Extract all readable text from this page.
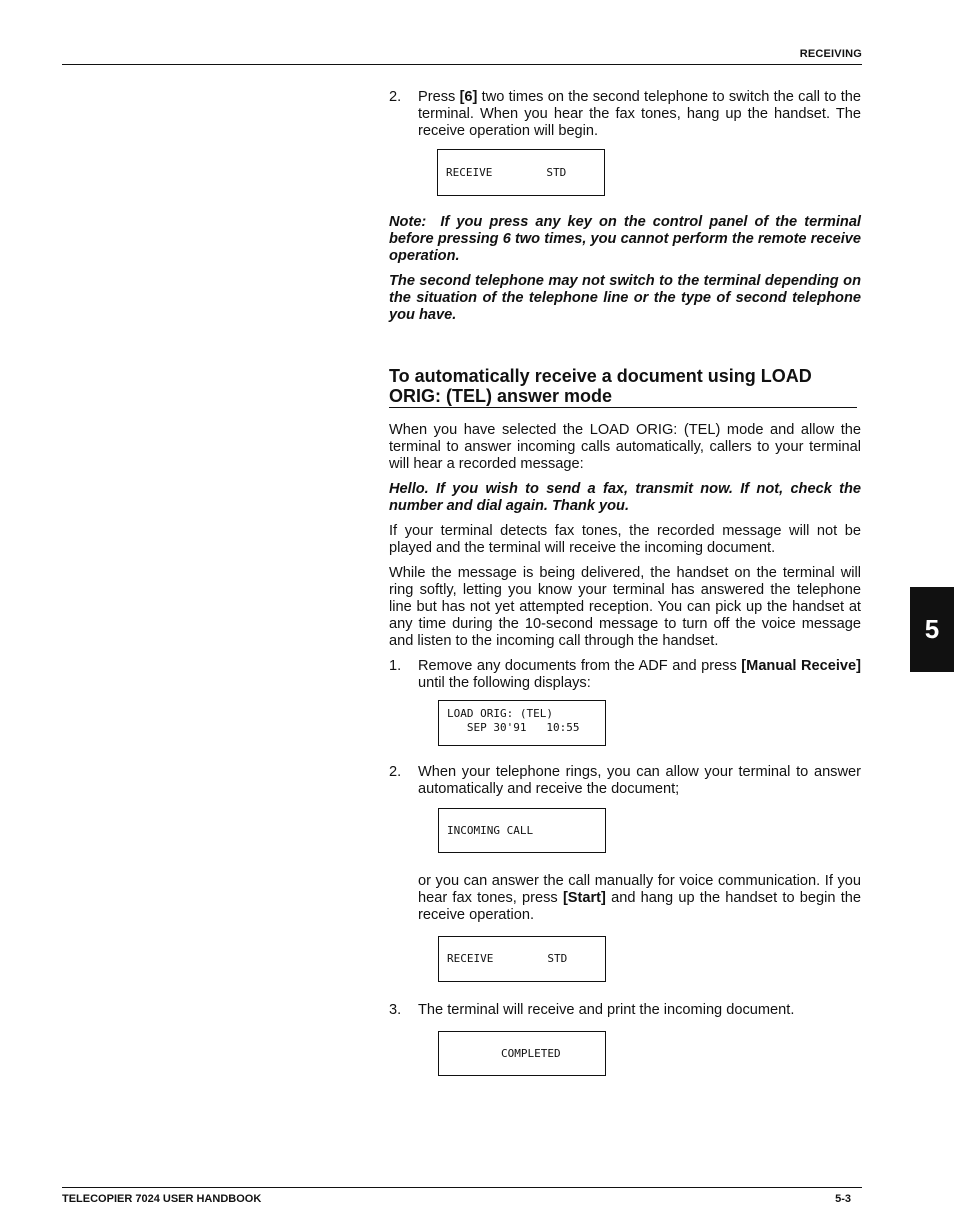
RECEIVING
2.	Press [6] two times on the second telephone to switch the call to the terminal. When you hear the fax tones, hang up the handset. The receive operation will begin.
RECEIVE	STD

Note: If you press any key on the control panel of the terminal before pressing 6 two times, you cannot perform the remote receive operation.

The second telephone may not switch to the terminal depending on the situation of the telephone line or the type of second telephone you have.

To automatically receive a document using LOAD
ORIG: (TEL) answer mode

When you have selected the LOAD ORIG: (TEL) mode and allow the terminal to answer incoming calls automatically, callers to your terminal will hear a recorded message:

Hello. If you wish to send a fax, transmit now. If not, check the number and dial again. Thank you.

If your terminal detects fax tones, the recorded message will not be played and the terminal will receive the incoming document.

While the message is being delivered, the handset on the terminal will ring softly, letting you know your terminal has answered the telephone line but has not yet attempted reception. You can pick up the handset at any time during the 10-second message to turn off the voice message and listen to the incoming call through the handset.

1.	Remove any documents from the ADF and press [Manual Receive] until the following displays:
LOAD ORIG: (TEL)
SEP 30'91   10:55
2.	When your telephone rings, you can allow your terminal to answer automatically and receive the document;
INCOMING CALL

or you can answer the call manually for voice communication. If you hear fax tones, press [Start] and hang up the handset to begin the receive operation.

RECEIVE	STD
3.	The terminal will receive and print the incoming document.
COMPLETED
5
TELECOPIER 7024 USER HANDBOOK	5-3
